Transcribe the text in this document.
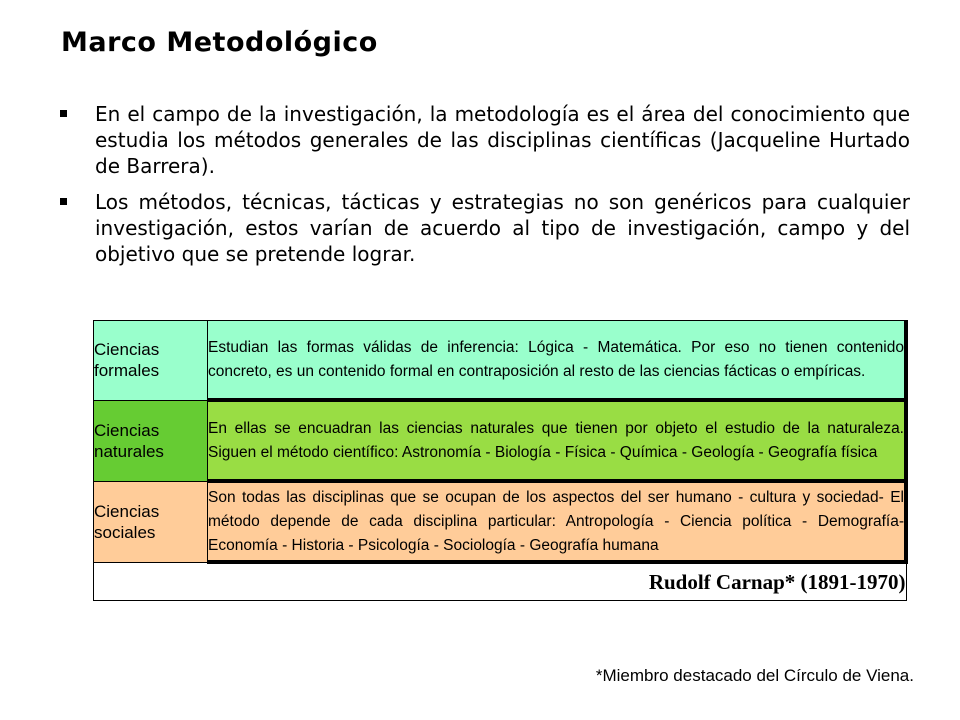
Marco Metodológico
En el campo de la investigación, la metodología es el área del conocimiento que estudia los métodos generales de las disciplinas científicas (Jacqueline Hurtado de Barrera).
Los métodos, técnicas, tácticas y estrategias no son genéricos para cualquier investigación, estos varían de acuerdo al tipo de investigación, campo y del objetivo que se pretende lograr.
Ciencias formales	Estudian las formas válidas de inferencia: Lógica - Matemática. Por eso no tienen contenido concreto, es un contenido formal en contraposición al resto de las ciencias fácticas o empíricas.
Ciencias naturales	En ellas se encuadran las ciencias naturales que tienen por objeto el estudio de la naturaleza. Siguen el método científico: Astronomía - Biología - Física - Química - Geología - Geografía física
Ciencias sociales	Son todas las disciplinas que se ocupan de los aspectos del ser humano - cultura y sociedad- El método depende de cada disciplina particular: Antropología - Ciencia política - Demografía- Economía - Historia - Psicología - Sociología - Geografía humana
Rudolf Carnap* (1891-1970)	
*Miembro destacado del Círculo de Viena.
